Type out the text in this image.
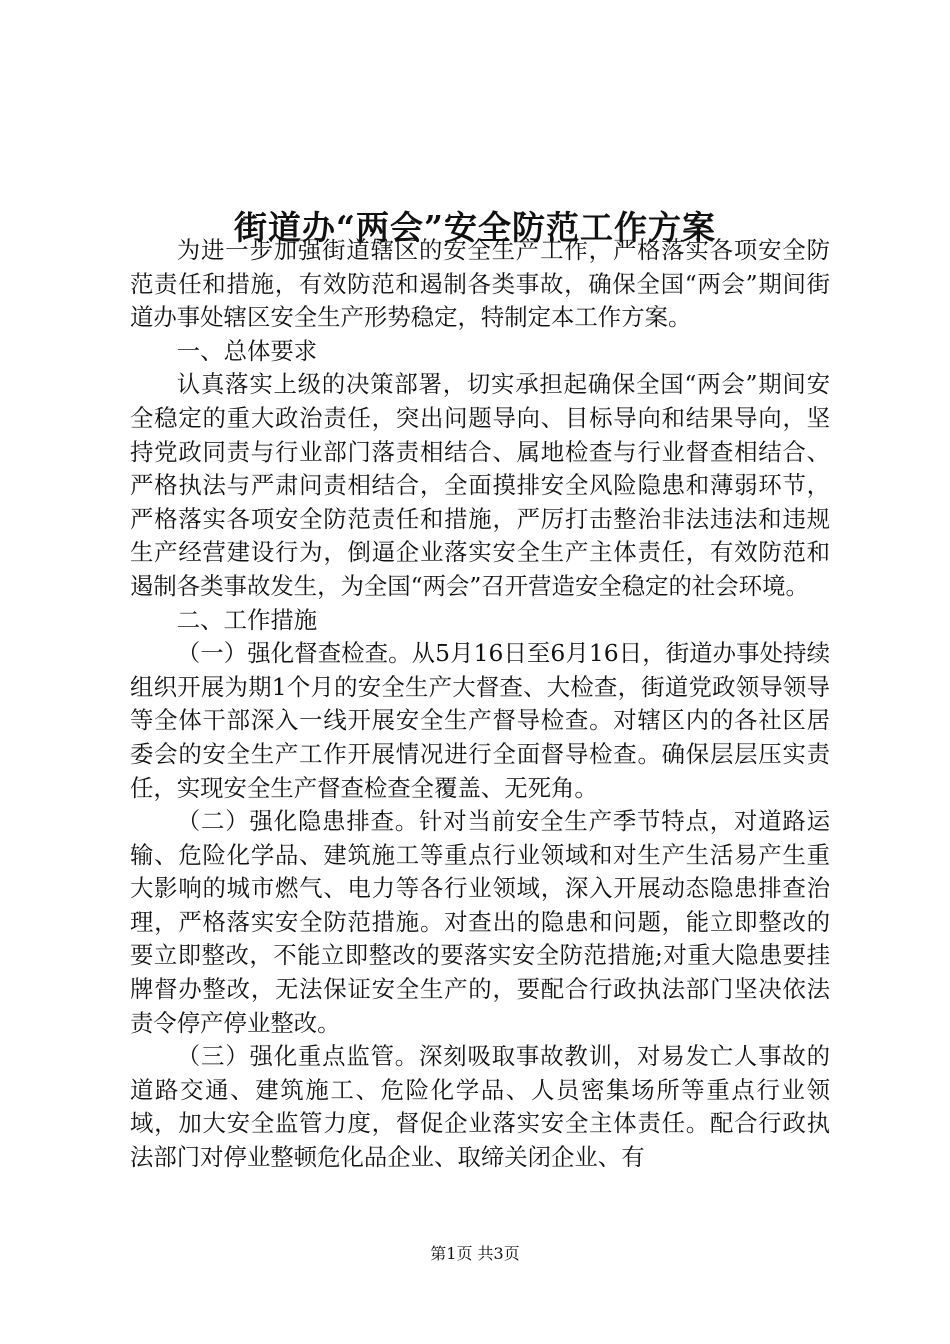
街道办“两会”安全防范工作方案

为进一步加强街道辖区的安全生产工作，严格落实各项安全防范责任和措施，有效防范和遏制各类事故，确保全国“两会”期间街道办事处辖区安全生产形势稳定，特制定本工作方案。

一、总体要求

认真落实上级的决策部署，切实承担起确保全国“两会”期间安全稳定的重大政治责任，突出问题导向、目标导向和结果导向，坚持党政同责与行业部门落责相结合、属地检查与行业督查相结合、严格执法与严肃问责相结合，全面摸排安全风险隐患和薄弱环节，严格落实各项安全防范责任和措施，严厉打击整治非法违法和违规生产经营建设行为，倒逼企业落实安全生产主体责任，有效防范和遏制各类事故发生，为全国“两会”召开营造安全稳定的社会环境。

二、工作措施

（一）强化督查检查。从5月16日至6月16日，街道办事处持续组织开展为期1个月的安全生产大督查、大检查，街道党政领导领导等全体干部深入一线开展安全生产督导检查。对辖区内的各社区居委会的安全生产工作开展情况进行全面督导检查。确保层层压实责任，实现安全生产督查检查全覆盖、无死角。

（二）强化隐患排查。针对当前安全生产季节特点，对道路运输、危险化学品、建筑施工等重点行业领域和对生产生活易产生重大影响的城市燃气、电力等各行业领域，深入开展动态隐患排查治理，严格落实安全防范措施。对查出的隐患和问题，能立即整改的要立即整改，不能立即整改的要落实安全防范措施;对重大隐患要挂牌督办整改，无法保证安全生产的，要配合行政执法部门坚决依法责令停产停业整改。

（三）强化重点监管。深刻吸取事故教训，对易发亡人事故的道路交通、建筑施工、危险化学品、人员密集场所等重点行业领域，加大安全监管力度，督促企业落实安全主体责任。配合行政执法部门对停业整顿危化品企业、取缔关闭企业、有

第1页 共3页
